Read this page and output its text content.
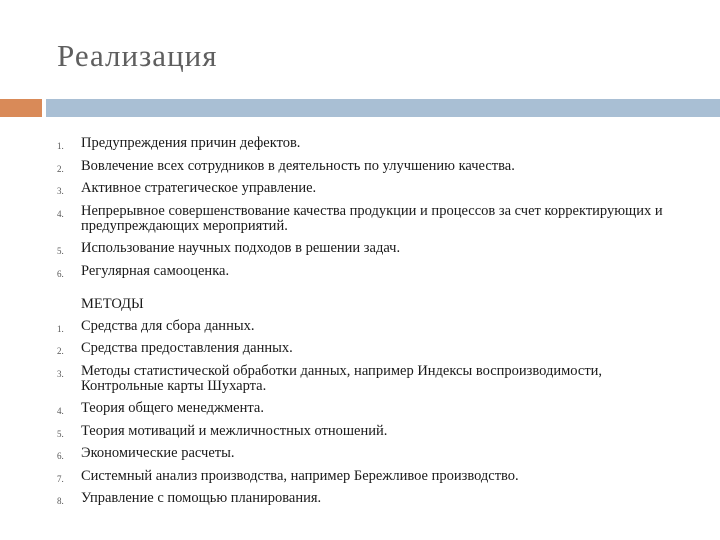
Реализация
1. Предупреждения причин дефектов.
2. Вовлечение всех сотрудников в деятельность по улучшению качества.
3. Активное стратегическое управление.
4. Непрерывное совершенствование качества продукции и процессов за счет корректирующих и предупреждающих мероприятий.
5. Использование научных подходов в решении задач.
6. Регулярная самооценка.
МЕТОДЫ
1. Средства для сбора данных.
2. Средства предоставления данных.
3. Методы статистической обработки данных, например Индексы воспроизводимости, Контрольные карты Шухарта.
4. Теория общего менеджмента.
5. Теория мотиваций и межличностных отношений.
6. Экономические расчеты.
7. Системный анализ производства, например Бережливое производство.
8. Управление с помощью планирования.
